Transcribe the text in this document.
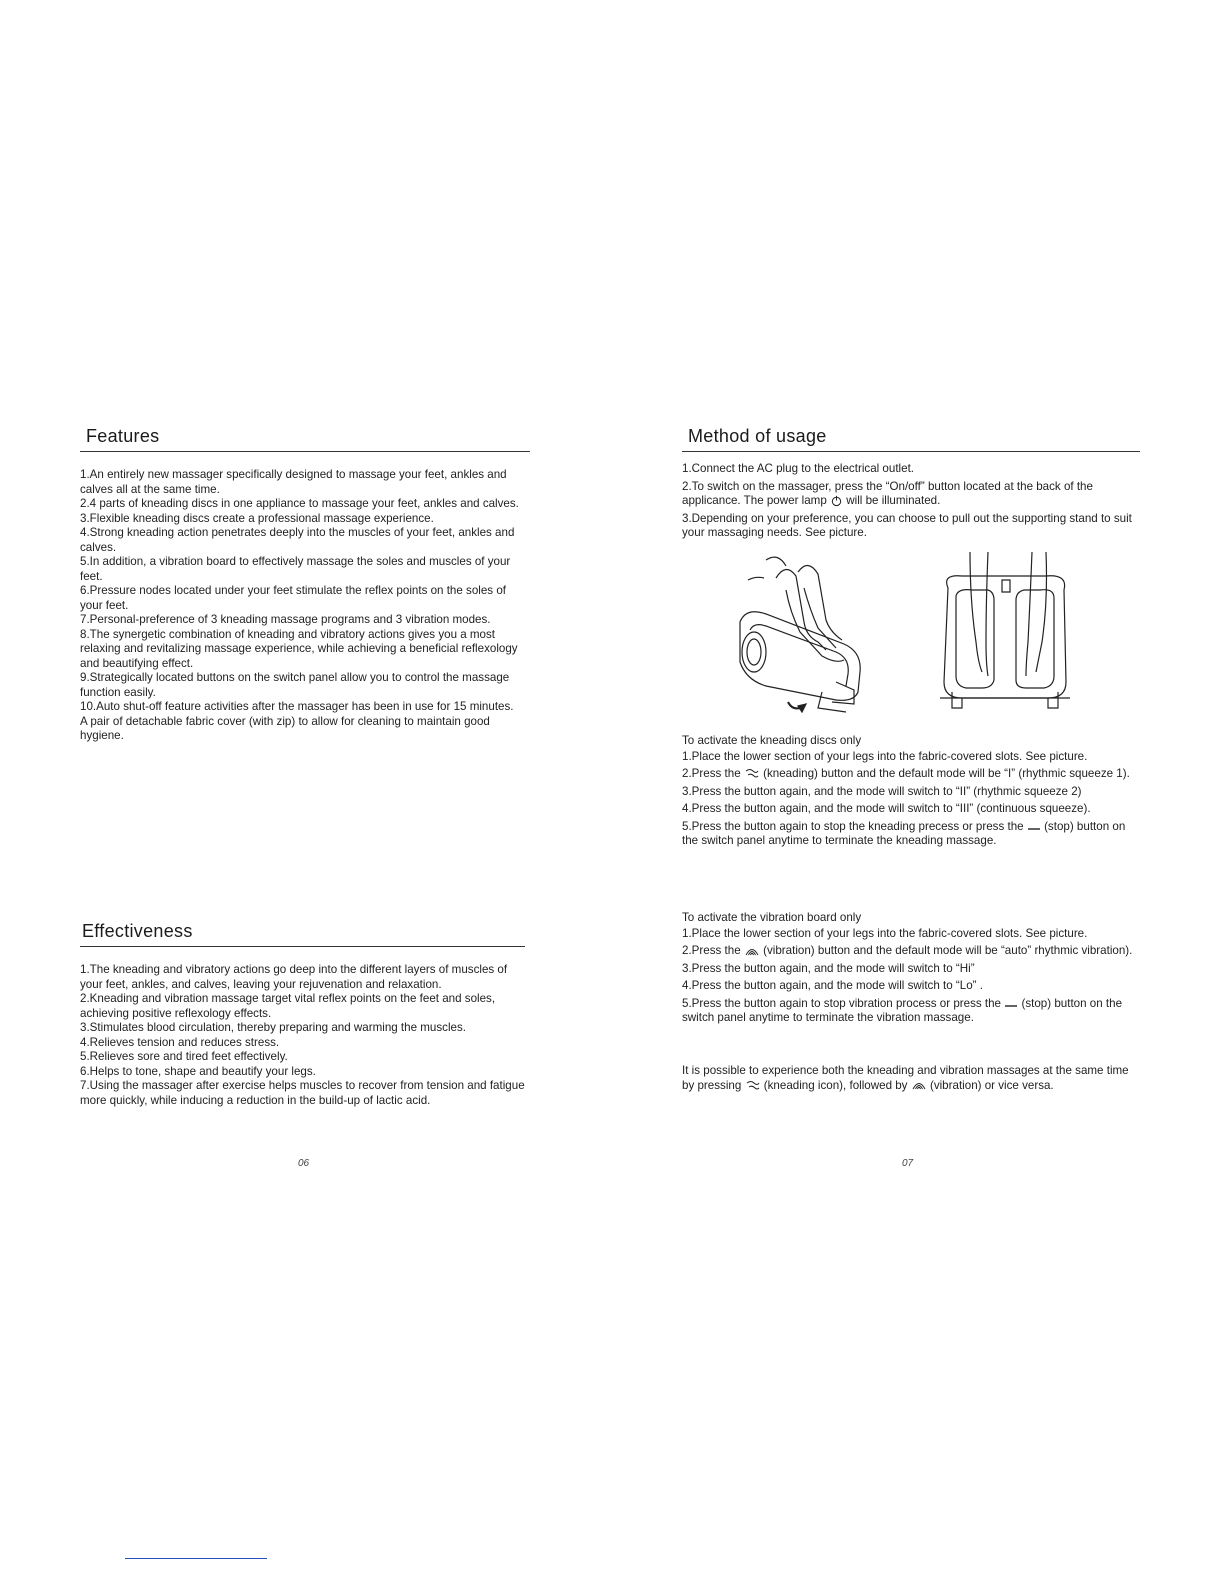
Features
1.An entirely new massager specifically designed to massage your feet, ankles and calves all at the same time.
2.4 parts of kneading discs in one appliance to massage your feet, ankles and calves.
3.Flexible kneading discs create a professional massage experience.
4.Strong kneading action penetrates deeply into the muscles of your feet, ankles and calves.
5.In addition, a vibration board to effectively massage the soles and muscles of your feet.
6.Pressure nodes located under your feet stimulate the reflex points on the soles of your feet.
7.Personal-preference of 3 kneading massage programs and 3 vibration modes.
8.The synergetic combination of kneading and vibratory actions gives you a most relaxing and revitalizing massage experience, while achieving a beneficial reflexology and beautifying effect.
9.Strategically located buttons on the switch panel allow you to control the massage function easily.
10.Auto shut-off feature activities after the massager has been in use for 15 minutes.
A pair of detachable fabric cover (with zip) to allow for cleaning to maintain good hygiene.
Effectiveness
1.The kneading and vibratory actions go deep into the different layers of muscles of your feet, ankles, and calves, leaving your rejuvenation and relaxation.
2.Kneading and vibration massage target vital reflex points on the feet and soles, achieving positive reflexology effects.
3.Stimulates blood circulation, thereby preparing and warming the muscles.
4.Relieves tension and reduces stress.
5.Relieves sore and tired feet effectively.
6.Helps to tone, shape and beautify your legs.
7.Using the massager after exercise helps muscles to recover from tension and fatigue more quickly, while inducing a reduction in the build-up of lactic acid.
06
Method of usage
1.Connect the AC plug to the electrical outlet.
2.To switch on the massager, press the “On/off” button located at the back of the applicance. The power lamp will be illuminated.
3.Depending on your preference, you can choose to pull out the supporting stand to suit your massaging needs. See picture.

To activate the kneading discs only

1.Place the lower section of your legs into the fabric-covered slots. See picture.
2.Press the (kneading) button and the default mode will be “I” (rhythmic squeeze 1).
3.Press the button again, and the mode will switch to “II” (rhythmic squeeze 2)
4.Press the button again, and the mode will switch to “III” (continuous squeeze).
5.Press the button again to stop the kneading precess or press the (stop) button on the switch panel anytime to terminate the kneading massage.

To activate the vibration board only

1.Place the lower section of your legs into the fabric-covered slots. See picture.
2.Press the (vibration) button and the default mode will be “auto” rhythmic vibration).
3.Press the button again, and the mode will switch to “Hi”
4.Press the button again, and the mode will switch to “Lo” .
5.Press the button again to stop vibration process or press the (stop) button on the switch panel anytime to terminate the vibration massage.

It is possible to experience both the kneading and vibration massages at the same time by pressing (kneading icon), followed by (vibration) or vice versa.

07
